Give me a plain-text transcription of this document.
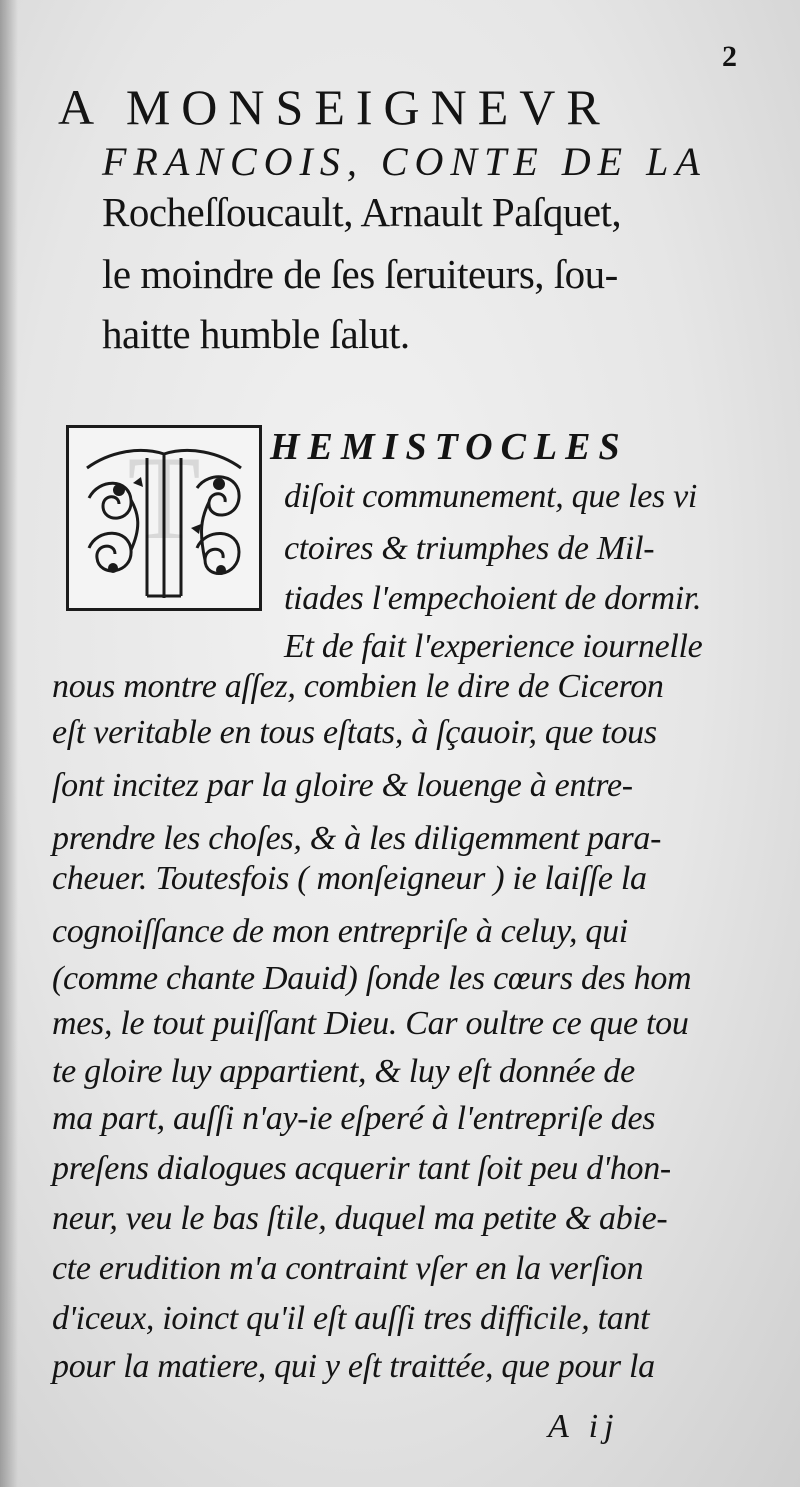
2
A MONSEIGNEVR
FRANCOIS, CONTE DE LA
Rocheſſoucault, Arnault Paſquet,
le moindre de ſes ſeruiteurs, ſou-
haitte humble ſalut.
T HEMISTOCLES
diſoit communement, que les vi
ctoires & triumphes de Mil-
tiades l'empechoient de dormir.
Et de fait l'experience iournelle
nous montre aſſez, combien le dire de Ciceron
eſt veritable en tous eſtats, à ſçauoir, que tous
ſont incitez par la gloire & louenge à entre-
prendre les choſes, & à les diligemment para-
cheuer. Toutesfois ( monſeigneur ) ie laiſſe la
cognoiſſance de mon entrepriſe à celuy, qui
(comme chante Dauid) ſonde les cœurs des hom
mes, le tout puiſſant Dieu. Car oultre ce que tou
te gloire luy appartient, & luy eſt donnée de
ma part, auſſi n'ay-ie eſperé à l'entrepriſe des
preſens dialogues acquerir tant ſoit peu d'hon-
neur, veu le bas ſtile, duquel ma petite & abie-
cte erudition m'a contraint vſer en la verſion
d'iceux, ioinct qu'il eſt auſſi tres difficile, tant
pour la matiere, qui y eſt traittée, que pour la
A ij
